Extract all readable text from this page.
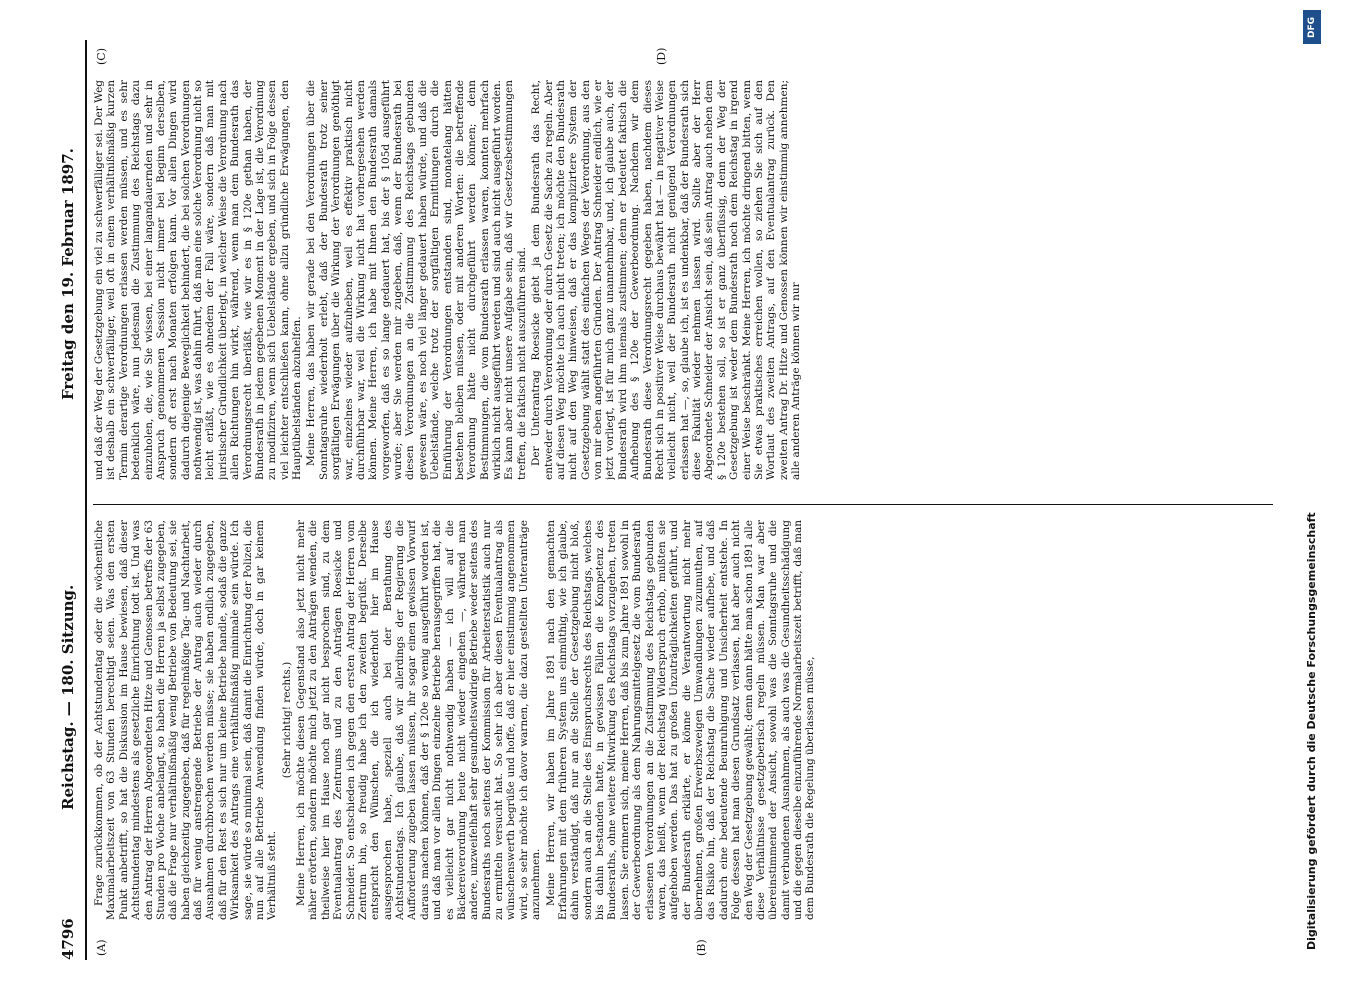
4796
Reichstag. — 180. Sitzung.
Freitag den 19. Februar 1897.
(A)	(B)
(C)	(D)

Frage zurückkommen, ob der Achtstundentag oder die wöchentliche Maximalarbeitszeit von 63 Stunden berechtigt seien. Was den ersten Punkt anbetrifft, so hat die Diskussion im Hause bewiesen, daß dieser Achtstundentag mindestens als gesetzliche Einrichtung todt ist. Und was den Antrag der Herren Abgeordneten Hitze und Genossen betreffs der 63 Stunden pro Woche anbelangt, so haben die Herren ja selbst zugegeben, daß die Frage nur verhältnißmäßig wenig Betriebe von Bedeutung sei, sie haben gleichzeitig zugegeben, daß für regelmäßige Tag- und Nachtarbeit, daß für wenig anstrengende Betriebe der Antrag auch wieder durch Ausnahmen durchbrochen werden müsse; sie haben endlich zugegeben, daß für den Rest es sich nur um kleine Betriebe handle, sodaß die ganze Wirksamkeit des Antrags eine verhältnißmäßig minimale sein würde. Ich sage, sie würde so minimal sein, daß damit die Einrichtung der Polizei, die nun auf alle Betriebe Anwendung finden würde, doch in gar keinem Verhältniß steht.

(Sehr richtig! rechts.) Meine Herren, ich möchte diesen Gegenstand also jetzt nicht mehr näher erörtern, sondern möchte mich jetzt zu den Anträgen wenden, die theilweise hier im Hause noch gar nicht besprochen sind, zu dem Eventualantrag des Zentrums und zu den Anträgen Roesicke und Schneider. So entschieden ich gegen den ersten Antrag der Herren vom Zentrum bin, so freudig habe ich den zweiten begrüßt. Derselbe entspricht den Wünschen, die ich wiederholt hier im Hause ausgesprochen habe, speziell auch bei der Berathung des Achtstundentags. Ich glaube, daß wir allerdings der Regierung die Aufforderung zugeben lassen müssen, ihr sogar einen gewissen Vorwurf daraus machen können, daß der § 120e so wenig ausgeführt worden ist, und daß man vor allen Dingen einzelne Betriebe herausgegriffen hat, die es vielleicht gar nicht nothwendig haben — ich will auf die Bäckereiverordnung heute nicht wieder eingehen —, während man andere, unzweifelhaft sehr gesundheitswidrige Betriebe weder seitens des Bundesraths noch seitens der Kommission für Arbeiterstatistik auch nur zu ermitteln versucht hat. So sehr ich aber diesen Eventualantrag als wünschenswerth begrüße und hoffe, daß er hier einstimmig angenommen wird, so sehr möchte ich davor warnen, die dazu gestellten Unteranträge anzunehmen. Meine Herren, wir haben im Jahre 1891 nach den gemachten Erfahrungen mit dem früheren System uns einmüthig, wie ich glaube, dahin verständigt, daß nur an die Stelle der Gesetzgebung nicht bloß, sondern auch an die Stelle des Einspruchsrechts des Reichstags, welches bis dahin bestanden hatte, in gewissen Fällen die Kompetenz des Bundesraths, ohne weitere Mitwirkung des Reichstags vorzugehen, treten lassen. Sie erinnern sich, meine Herren, daß bis zum Jahre 1891 sowohl in der Gewerbeordnung als dem Nahrungsmittelgesetz die vom Bundesrath erlassenen Verordnungen an die Zustimmung des Reichstags gebunden waren, das heißt, wenn der Reichstag Widerspruch erhob, mußten sie aufgehoben werden. Das hat zu großen Unzuträglichkeiten geführt, und der Bundesrath erklärte, er könne die Verantwortung nicht mehr übernehmen, großen Erwerbszweigen Umwandlungen zuzumuthen, auf das Risiko hin, daß der Reichstag die Sache wieder aufhebe, und daß dadurch eine bedeutende Beunruhigung und Unsicherheit entstehe. In Folge dessen hat man diesen Grundsatz verlassen, hat aber auch nicht den Weg der Gesetzgebung gewählt; denn dann hätte man schon 1891 alle diese Verhältnisse gesetzgeberisch regeln müssen. Man war aber übereinstimmend der Ansicht, sowohl was die Sonntagsruhe und die damit verbundenen Ausnahmen, als auch was die Gesundheitsschädigung und die gegen dieselbe einzuführende Normalarbeitszeit betrifft, daß man dem Bundesrath die Regelung überlassen müsse,

und daß der Weg der Gesetzgebung ein viel zu schwerfälliger sei. Der Weg ist deshalb ein schwerfälliger, weil oft in einem verhältnißmäßig kurzen Termin derartige Verordnungen erlassen werden müssen, und es sehr bedenklich wäre, nun jedesmal die Zustimmung des Reichstags dazu einzuholen, die, wie Sie wissen, bei einer langandauernden und sehr in Anspruch genommenen Session nicht immer bei Beginn derselben, sondern oft erst nach Monaten erfolgen kann. Vor allen Dingen wird dadurch diejenige Beweglichkeit behindert, die bei solchen Verordnungen nothwendig ist, was dahin führt, daß man eine solche Verordnung nicht so leicht erläßt, wie es ohnedem der Fall wäre, sondern daß man mit juristischer Gründlichkeit überlegt, in welcher Weise die Verordnung nach allen Richtungen hin wirkt, während, wenn man dem Bundesrath das Verordnungsrecht überläßt, wie wir es in § 120e gethan haben, der Bundesrath in jedem gegebenen Moment in der Lage ist, die Verordnung zu modifiziren, wenn sich Uebelstände ergeben, und sich in Folge dessen viel leichter entschließen kann, ohne allzu gründliche Erwägungen, den Hauptübelständen abzuhelfen. Meine Herren, das haben wir gerade bei den Verordnungen über die Sonntagsruhe wiederholt erlebt, daß der Bundesrath trotz seiner sorgfältigen Erwägungen über die Wirkung der Verordnungen genöthigt war, einzelnes wieder aufzuheben, weil es effektiv praktisch nicht durchführbar war, weil die Wirkung nicht hat vorhergesehen werden können. Meine Herren, ich habe mit Ihnen den Bundesrath damals vorgeworfen, daß es so lange gedauert hat, bis der § 105d ausgeführt wurde; aber Sie werden mir zugeben, daß, wenn der Bundesrath bei diesen Verordnungen an die Zustimmung des Reichstags gebunden gewesen wäre, es noch viel länger gedauert haben würde, und daß die Uebelstände, welche trotz der sorgfältigen Ermittlungen durch die Einführung der Verordnungen entstanden sind, monatelang hätten bestehen bleiben müssen, oder mit anderen Worten: die betreffende Verordnung hätte nicht durchgeführt werden können; denn Bestimmungen, die vom Bundesrath erlassen waren, konnten mehrfach wirklich nicht ausgeführt werden und sind auch nicht ausgeführt worden. Es kann aber nicht unsere Aufgabe sein, daß wir Gesetzesbestimmungen treffen, die faktisch nicht auszuführen sind. Der Unterantrag Roesicke giebt ja dem Bundesrath das Recht, entweder durch Verordnung oder durch Gesetz die Sache zu regeln. Aber auf diesen Weg möchte ich auch nicht treten; ich möchte den Bundesrath nicht auf den Weg hinweisen, daß er das komplizirtere System der Gesetzgebung wählt statt des einfachen Weges der Verordnung, aus den von mir eben angeführten Gründen. Der Antrag Schneider endlich, wie er jetzt vorliegt, ist für mich ganz unannehmbar, und, ich glaube auch, der Bundesrath wird ihm niemals zustimmen; denn er bedeutet faktisch die Aufhebung des § 120e der Gewerbeordnung. Nachdem wir dem Bundesrath diese Verordnungsrecht gegeben haben, nachdem dieses Recht sich in positiver Weise durchaus bewährt hat — in negativer Weise vielleicht nicht, weil der Bundesrath nicht genügend Verordnungen erlassen hat —, so, glaube ich, ist es undenkbar, daß der Bundesrath sich diese Fakultät wieder nehmen lassen wird. Sollte aber der Herr Abgeordnete Schneider der Ansicht sein, daß sein Antrag auch neben dem § 120e bestehen soll, so ist er ganz überflüssig, denn der Weg der Gesetzgebung ist weder dem Bundesrath noch dem Reichstag in irgend einer Weise beschränkt. Meine Herren, ich möchte dringend bitten, wenn Sie etwas praktisches erreichen wollen, so ziehen Sie sich auf den Wortlaut des zweiten Antrags, auf den Eventualantrag zurück. Den zweiten Antrag Dr. Hitze und Genossen können wir einstimmig annehmen; alle anderen Anträge können wir nur

DFG
Digitalisierung gefördert durch die Deutsche Forschungsgemeinschaft
